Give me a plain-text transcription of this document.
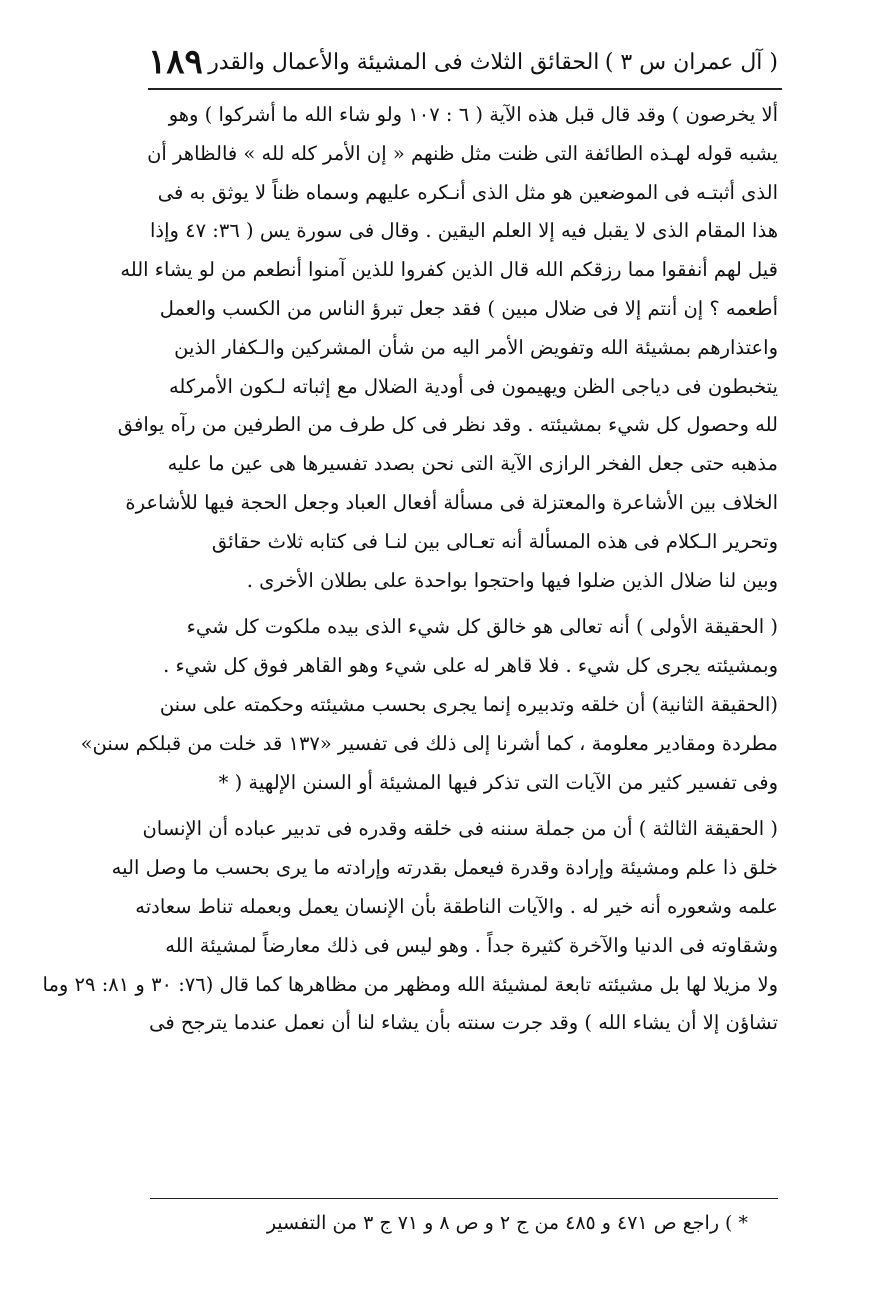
( آل عمران س ٣ )
الحقائق الثلاث فى المشيئة والأعمال والقدر
١٨٩
ألا يخرصون ) وقد قال قبل هذه الآية ( ٦ : ١٠٧ ولو شاء الله ما أشركوا ) وهو
يشبه قوله لهـذه الطائفة التى ظنت مثل ظنهم « إن الأمر كله لله » فالظاهر أن
الذى أثبتـه فى الموضعين هو مثل الذى أنـكره عليهم وسماه ظناً لا يوثق به فى
هذا المقام الذى لا يقبل فيه إلا العلم اليقين . وقال فى سورة يس ( ٣٦: ٤٧ وإذا
قيل لهم أنفقوا مما رزقكم الله قال الذين كفروا للذين آمنوا أنطعم من لو يشاء الله
أطعمه ؟ إن أنتم إلا فى ضلال مبين ) فقد جعل تبرؤ الناس من الكسب والعمل
واعتذارهم بمشيئة الله وتفويض الأمر اليه من شأن المشركين والـكفار الذين
يتخبطون فى دياجى الظن ويهيمون فى أودية الضلال مع إثباته لـكون الأمركله
لله وحصول كل شيء بمشيئته . وقد نظر فى كل طرف من الطرفين من رآه يوافق
مذهبه حتى جعل الفخر الرازى الآية التى نحن بصدد تفسيرها هى عين ما عليه
الخلاف بين الأشاعرة والمعتزلة فى مسألة أفعال العباد وجعل الحجة فيها للأشاعرة
وتحرير الـكلام فى هذه المسألة أنه تعـالى بين لنـا فى كتابه ثلاث حقائق
وبين لنا ضلال الذين ضلوا فيها واحتجوا بواحدة على بطلان الأخرى .
( الحقيقة الأولى ) أنه تعالى هو خالق كل شيء الذى بيده ملكوت كل شيء
وبمشيئته يجرى كل شيء . فلا قاهر له على شيء وهو القاهر فوق كل شيء .
(الحقيقة الثانية) أن خلقه وتدبيره إنما يجرى بحسب مشيئته وحكمته على سنن
مطردة ومقادير معلومة ، كما أشرنا إلى ذلك فى تفسير «١٣٧ قد خلت من قبلكم سنن»
وفى تفسير كثير من الآيات التى تذكر فيها المشيئة أو السنن الإلهية ( *
( الحقيقة الثالثة ) أن من جملة سننه فى خلقه وقدره فى تدبير عباده أن الإنسان
خلق ذا علم ومشيئة وإرادة وقدرة فيعمل بقدرته وإرادته ما يرى بحسب ما وصل اليه
علمه وشعوره أنه خير له . والآيات الناطقة بأن الإنسان يعمل وبعمله تناط سعادته
وشقاوته فى الدنيا والآخرة كثيرة جداً . وهو ليس فى ذلك معارضاً لمشيئة الله
ولا مزيلا لها بل مشيئته تابعة لمشيئة الله ومظهر من مظاهرها كما قال (٧٦: ٣٠ و ٨١: ٢٩ وما
تشاؤن إلا أن يشاء الله ) وقد جرت سنته بأن يشاء لنا أن نعمل عندما يترجح فى
* ) راجع ص ٤٧١ و ٤٨٥ من ج ٢ و ص ٨ و ٧١ ج ٣ من التفسير
